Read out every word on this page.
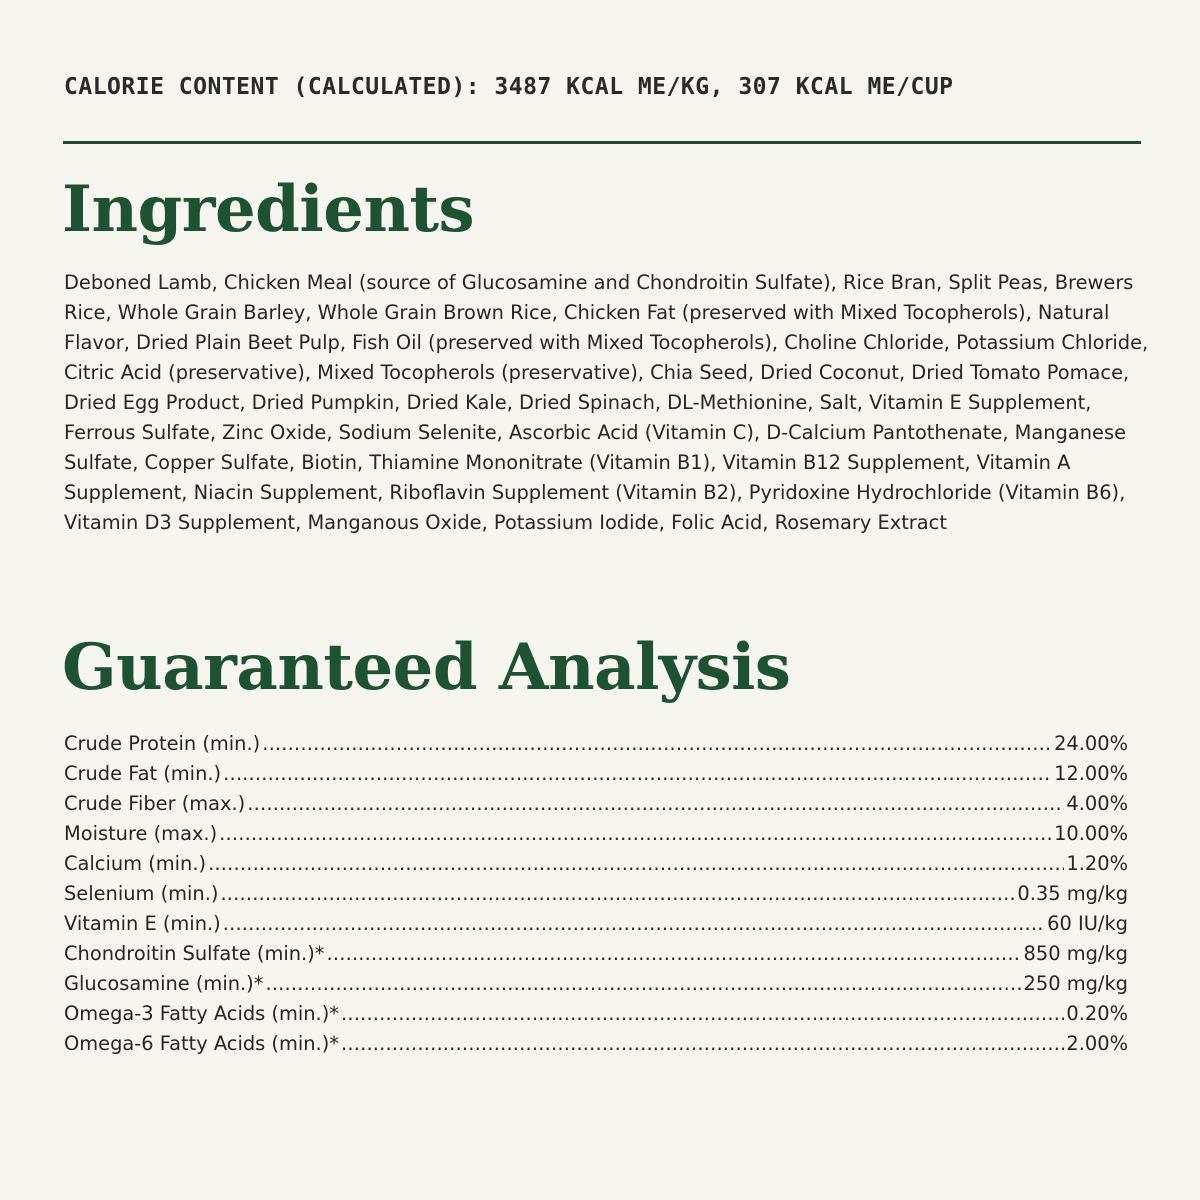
CALORIE CONTENT (CALCULATED): 3487 KCAL ME/KG, 307 KCAL ME/CUP
Ingredients

Deboned Lamb, Chicken Meal (source of Glucosamine and Chondroitin Sulfate), Rice Bran, Split Peas, Brewers Rice, Whole Grain Barley, Whole Grain Brown Rice, Chicken Fat (preserved with Mixed Tocopherols), Natural Flavor, Dried Plain Beet Pulp, Fish Oil (preserved with Mixed Tocopherols), Choline Chloride, Potassium Chloride, Citric Acid (preservative), Mixed Tocopherols (preservative), Chia Seed, Dried Coconut, Dried Tomato Pomace, Dried Egg Product, Dried Pumpkin, Dried Kale, Dried Spinach, DL-Methionine, Salt, Vitamin E Supplement, Ferrous Sulfate, Zinc Oxide, Sodium Selenite, Ascorbic Acid (Vitamin C), D-Calcium Pantothenate, Manganese Sulfate, Copper Sulfate, Biotin, Thiamine Mononitrate (Vitamin B1), Vitamin B12 Supplement, Vitamin A Supplement, Niacin Supplement, Riboflavin Supplement (Vitamin B2), Pyridoxine Hydrochloride (Vitamin B6), Vitamin D3 Supplement, Manganous Oxide, Potassium Iodide, Folic Acid, Rosemary Extract

Guaranteed Analysis
Crude Protein (min.) .....	24.00%
Crude Fat (min.) .....	12.00%
Crude Fiber (max.) .....	4.00%
Moisture (max.) .....	10.00%
Calcium (min.) .....	1.20%
Selenium (min.) .....	0.35 mg/kg
Vitamin E (min.) .....	60 IU/kg
Chondroitin Sulfate (min.)* .....	850 mg/kg
Glucosamine (min.)* .....	250 mg/kg
Omega-3 Fatty Acids (min.)* .....	0.20%
Omega-6 Fatty Acids (min.)* .....	2.00%
